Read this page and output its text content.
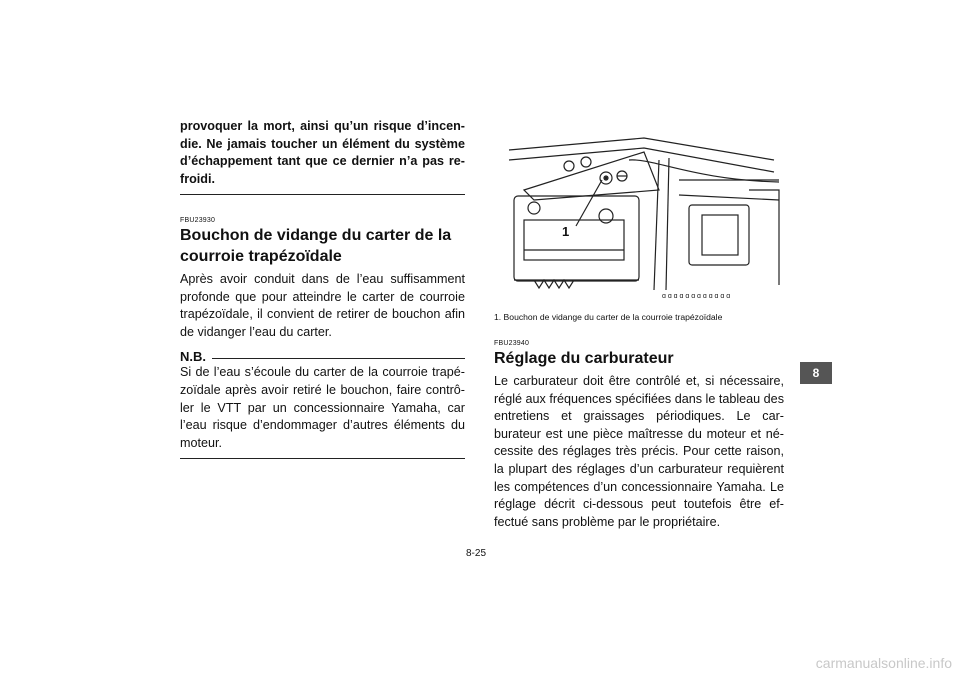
provoquer la mort, ainsi qu’un risque d’incen-die. Ne jamais toucher un élément du système d’échappement tant que ce dernier n’a pas re-froidi.

FBU23930

Bouchon de vidange du carter de la courroie trapézoïdale

Après avoir conduit dans de l’eau suffisamment profonde que pour atteindre le carter de courroie trapézoïdale, il convient de retirer de bouchon afin de vidanger l’eau du carter.

N.B.

Si de l’eau s’écoule du carter de la courroie trapé-zoïdale après avoir retiré le bouchon, faire contrô-ler le VTT par un concessionnaire Yamaha, car l’eau risque d’endommager d’autres éléments du moteur.

ɑ ɑ ɑ ɑ ɑ ɑ ɑ ɑ ɑ ɑ ɑ ɑ
1
1. Bouchon de vidange du carter de la courroie trapézoïdale

FBU23940

Réglage du carburateur

Le carburateur doit être contrôlé et, si nécessaire, réglé aux fréquences spécifiées dans le tableau des entretiens et graissages périodiques. Le car-burateur est une pièce maîtresse du moteur et né-cessite des réglages très précis. Pour cette raison, la plupart des réglages d’un carburateur requièrent les compétences d’un concessionnaire Yamaha. Le réglage décrit ci-dessous peut toutefois être ef-fectué sans problème par le propriétaire.

8
8-25
carmanualsonline.info
